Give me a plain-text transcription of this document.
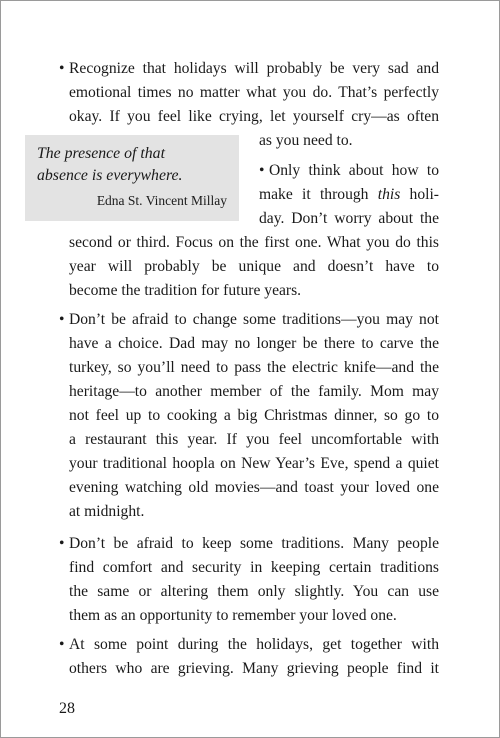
• Recognize that holidays will probably be very sad and
emotional times no matter what you do. That’s perfectly
okay. If you feel like crying, let yourself cry—as often
as you need to.
The presence of that
absence is everywhere.
Edna St. Vincent Millay
• Only think about how to
make it through this holi-
day. Don’t worry about the
second or third. Focus on the first one. What you do this
year will probably be unique and doesn’t have to
become the tradition for future years.
• Don’t be afraid to change some traditions—you may not
have a choice. Dad may no longer be there to carve the
turkey, so you’ll need to pass the electric knife—and the
heritage—to another member of the family. Mom may
not feel up to cooking a big Christmas dinner, so go to
a restaurant this year. If you feel uncomfortable with
your traditional hoopla on New Year’s Eve, spend a quiet
evening watching old movies—and toast your loved one
at midnight.
• Don’t be afraid to keep some traditions. Many people
find comfort and security in keeping certain traditions
the same or altering them only slightly. You can use
them as an opportunity to remember your loved one.
• At some point during the holidays, get together with
others who are grieving. Many grieving people find it
28
